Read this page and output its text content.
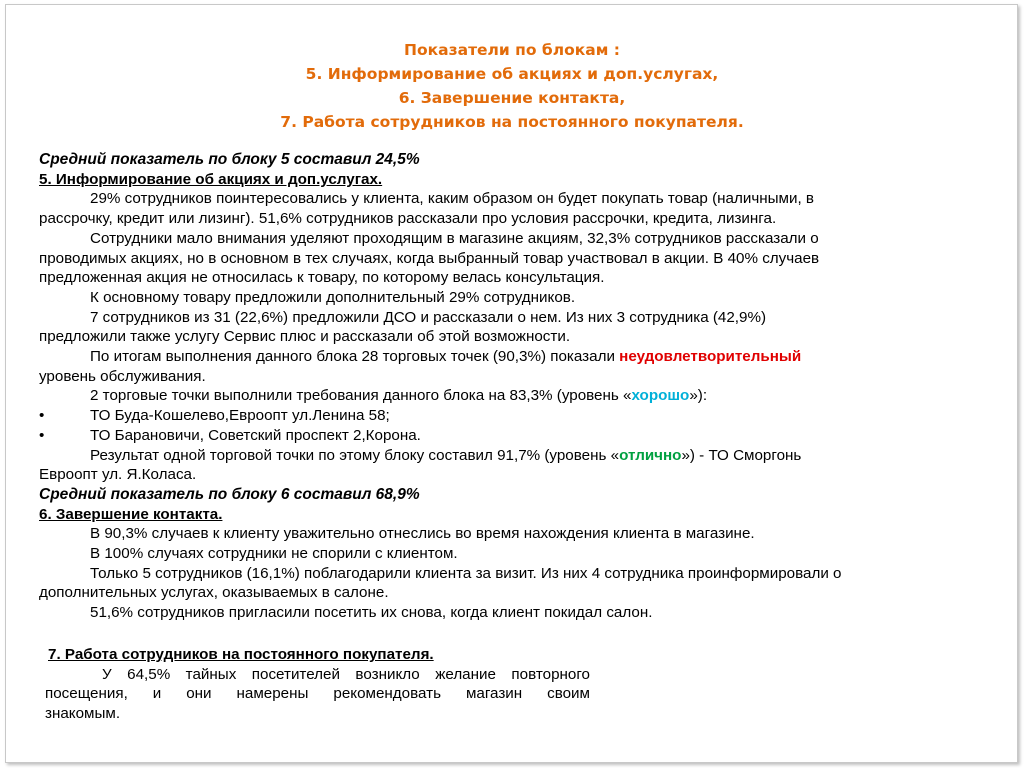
Показатели по блокам :
5. Информирование об акциях и доп.услугах,
6. Завершение контакта,
7. Работа сотрудников на постоянного покупателя.
Средний показатель по блоку 5 составил 24,5%
5. Информирование об акциях и доп.услугах.
29% сотрудников поинтересовались у клиента, каким образом он будет покупать товар (наличными, в
рассрочку, кредит или лизинг). 51,6% сотрудников рассказали про условия рассрочки, кредита, лизинга.
Сотрудники мало внимания уделяют проходящим в магазине акциям, 32,3% сотрудников рассказали о
проводимых акциях, но в основном в тех случаях, когда выбранный товар участвовал в акции. В 40% случаев
предложенная акция не относилась к товару, по которому велась консультация.
К основному товару предложили дополнительный 29% сотрудников.
7 сотрудников из 31 (22,6%) предложили ДСО и рассказали о нем. Из них 3 сотрудника (42,9%)
предложили также услугу Сервис плюс и рассказали об этой возможности.
По итогам выполнения данного блока 28 торговых точек (90,3%) показали неудовлетворительный
уровень обслуживания.
2 торговые точки выполнили требования данного блока на 83,3% (уровень «хорошо»):
•	ТО Буда-Кошелево,Евроопт ул.Ленина 58;
•	ТО Барановичи, Советский проспект 2,Корона.
Результат одной торговой точки по этому блоку составил 91,7% (уровень «отлично») - ТО Сморгонь
Евроопт ул. Я.Колаcа.
Средний показатель по блоку 6 составил 68,9%
6. Завершение контакта.
В 90,3% случаев к клиенту уважительно отнеслись во время нахождения клиента в магазине.
В 100% случаях сотрудники не спорили с клиентом.
Только 5 сотрудников (16,1%) поблагодарили клиента за визит. Из них 4 сотрудника проинформировали о
дополнительных услугах, оказываемых в салоне.
51,6% сотрудников пригласили посетить их снова, когда клиент покидал салон.
7. Работа сотрудников на постоянного покупателя.
У 64,5% тайных посетителей возникло желание повторного
посещения, и они намерены рекомендовать магазин своим
знакомым.
